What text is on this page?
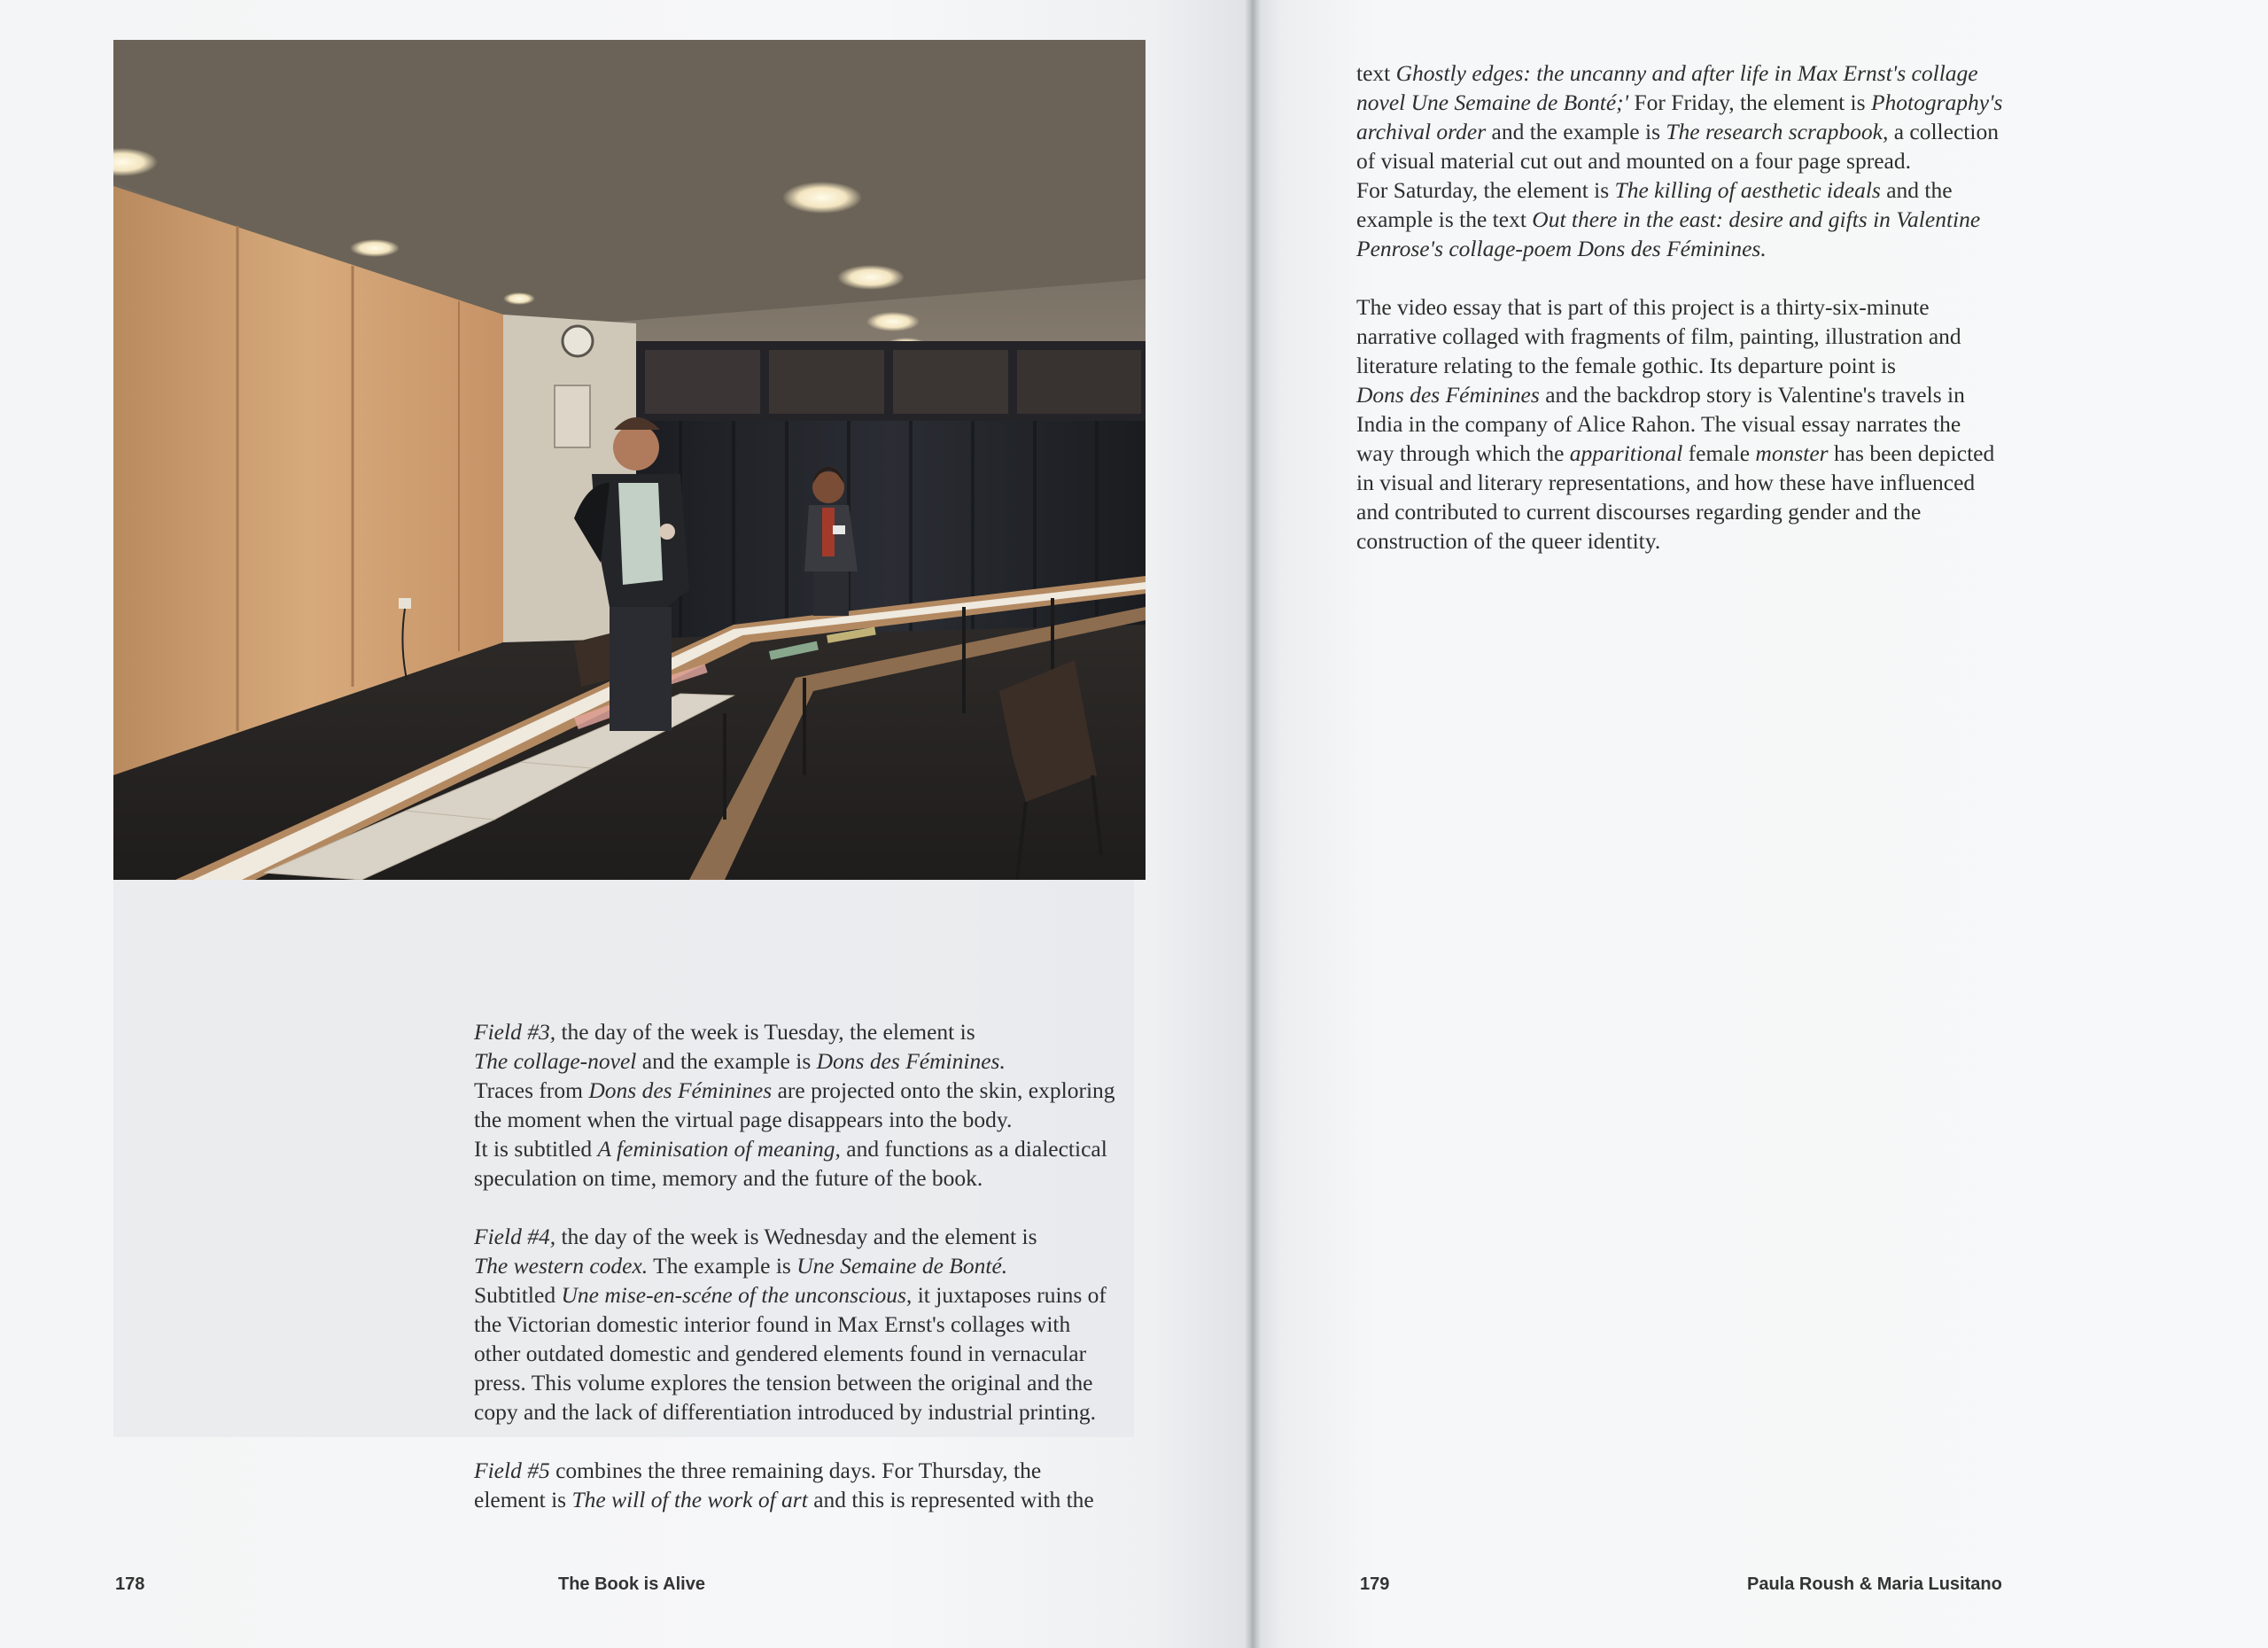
Field #3, the day of the week is Tuesday, the element is
The collage-novel and the example is Dons des Féminines.
Traces from Dons des Féminines are projected onto the skin, exploring
the moment when the virtual page disappears into the body.
It is subtitled A feminisation of meaning, and functions as a dialectical
speculation on time, memory and the future of the book.

Field #4, the day of the week is Wednesday and the element is
The western codex. The example is Une Semaine de Bonté.
Subtitled Une mise-en-scéne of the unconscious, it juxtaposes ruins of
the Victorian domestic interior found in Max Ernst's collages with
other outdated domestic and gendered elements found in vernacular
press. This volume explores the tension between the original and the
copy and the lack of differentiation introduced by industrial printing.

Field #5 combines the three remaining days. For Thursday, the
element is The will of the work of art and this is represented with the

178	The Book is Alive

text Ghostly edges: the uncanny and after life in Max Ernst's collage
novel Une Semaine de Bonté;' For Friday, the element is Photography's
archival order and the example is The research scrapbook, a collection
of visual material cut out and mounted on a four page spread.
For Saturday, the element is The killing of aesthetic ideals and the
example is the text Out there in the east: desire and gifts in Valentine
Penrose's collage-poem Dons des Féminines.

The video essay that is part of this project is a thirty-six-minute
narrative collaged with fragments of film, painting, illustration and
literature relating to the female gothic. Its departure point is
Dons des Féminines and the backdrop story is Valentine's travels in
India in the company of Alice Rahon. The visual essay narrates the
way through which the apparitional female monster has been depicted
in visual and literary representations, and how these have influenced
and contributed to current discourses regarding gender and the
construction of the queer identity.

179	Paula Roush & Maria Lusitano
